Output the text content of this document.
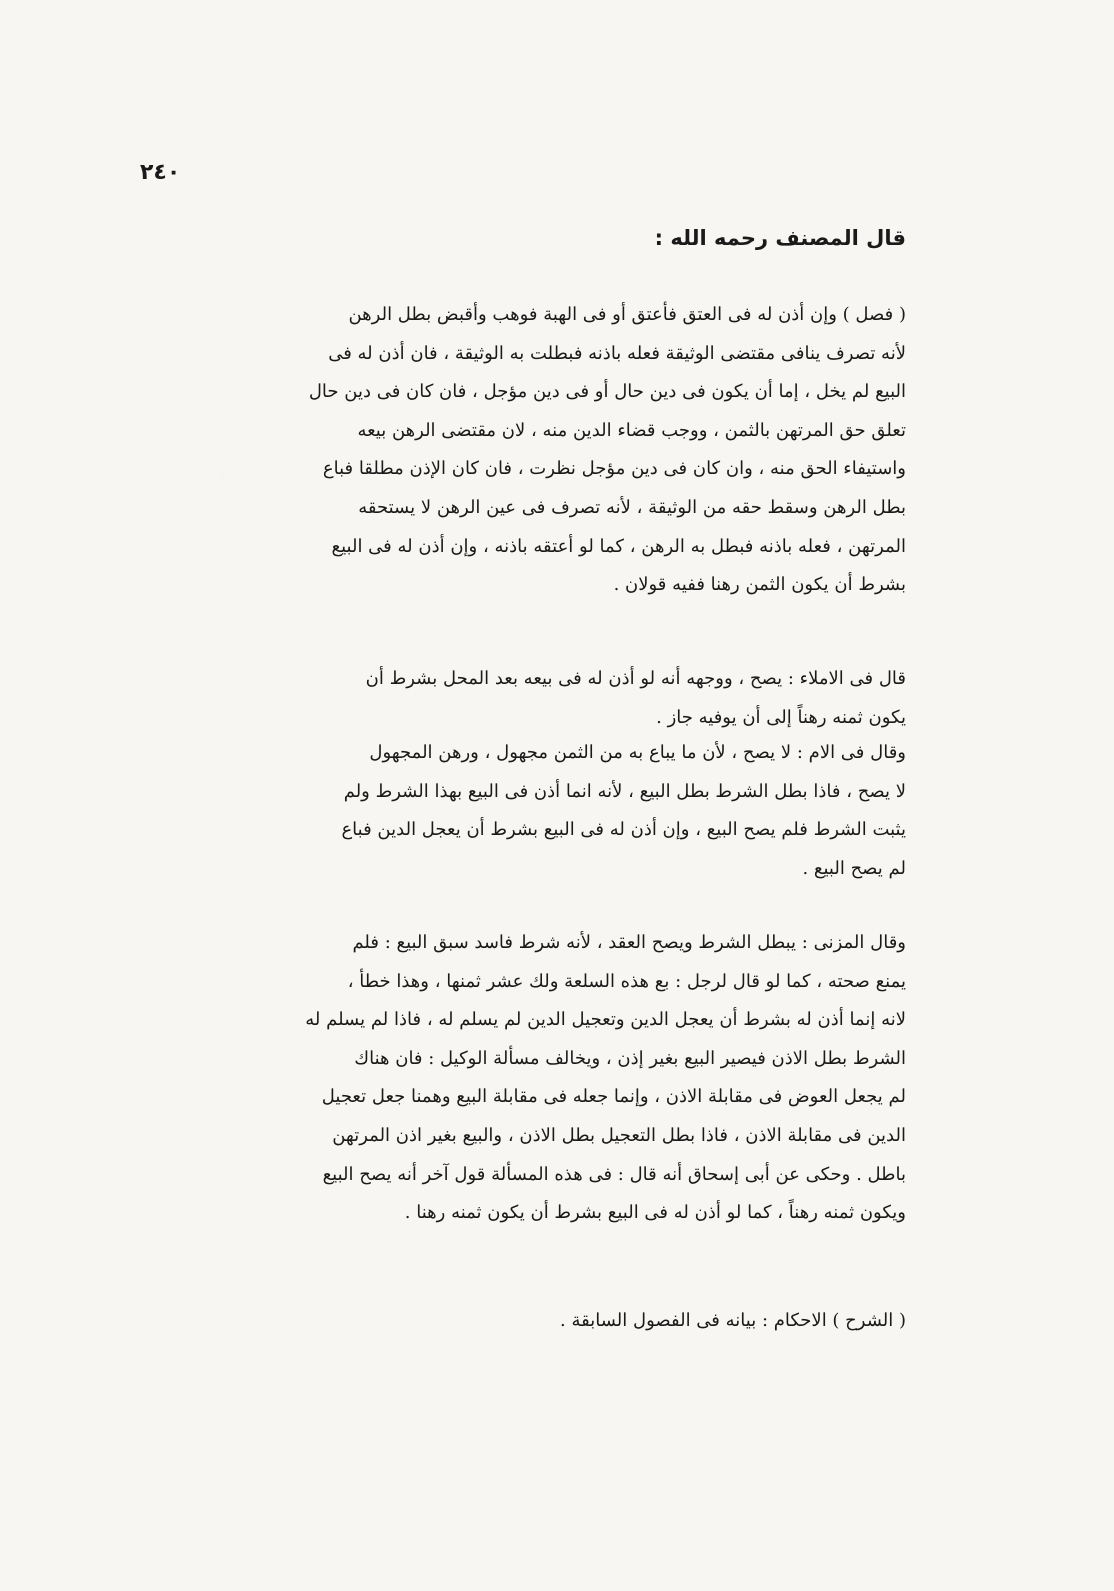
٢٤٠
قال المصنف رحمه الله :
( فصل ) وإن أذن له فى العتق فأعتق أو فى الهبة فوهب وأقبض بطل الرهن
لأنه تصرف ينافى مقتضى الوثيقة فعله باذنه فبطلت به الوثيقة ، فان أذن له فى
البيع لم يخل ، إما أن يكون فى دين حال أو فى دين مؤجل ، فان كان فى دين حال
تعلق حق المرتهن بالثمن ، ووجب قضاء الدين منه ، لان مقتضى الرهن بيعه
واستيفاء الحق منه ، وان كان فى دين مؤجل نظرت ، فان كان الإذن مطلقا فباع
بطل الرهن وسقط حقه من الوثيقة ، لأنه تصرف فى عين الرهن لا يستحقه
المرتهن ، فعله باذنه فبطل به الرهن ، كما لو أعتقه باذنه ، وإن أذن له فى البيع
بشرط أن يكون الثمن رهنا ففيه قولان .
قال فى الاملاء : يصح ، ووجهه أنه لو أذن له فى بيعه بعد المحل بشرط أن
يكون ثمنه رهناً إلى أن يوفيه جاز .
وقال فى الام : لا يصح ، لأن ما يباع به من الثمن مجهول ، ورهن المجهول
لا يصح ، فاذا بطل الشرط بطل البيع ، لأنه انما أذن فى البيع بهذا الشرط ولم
يثبت الشرط فلم يصح البيع ، وإن أذن له فى البيع بشرط أن يعجل الدين فباع
لم يصح البيع .
وقال المزنى : يبطل الشرط ويصح العقد ، لأنه شرط فاسد سبق البيع : فلم
يمنع صحته ، كما لو قال لرجل : بع هذه السلعة ولك عشر ثمنها ، وهذا خطأ ،
لانه إنما أذن له بشرط أن يعجل الدين وتعجيل الدين لم يسلم له ، فاذا لم يسلم له
الشرط بطل الاذن فيصير البيع بغير إذن ، ويخالف مسألة الوكيل : فان هناك
لم يجعل العوض فى مقابلة الاذن ، وإنما جعله فى مقابلة البيع وهمنا جعل تعجيل
الدين فى مقابلة الاذن ، فاذا بطل التعجيل بطل الاذن ، والبيع بغير اذن المرتهن
باطل . وحكى عن أبى إسحاق أنه قال : فى هذه المسألة قول آخر أنه يصح البيع
ويكون ثمنه رهناً ، كما لو أذن له فى البيع بشرط أن يكون ثمنه رهنا .
( الشرح ) الاحكام : بيانه فى الفصول السابقة .
